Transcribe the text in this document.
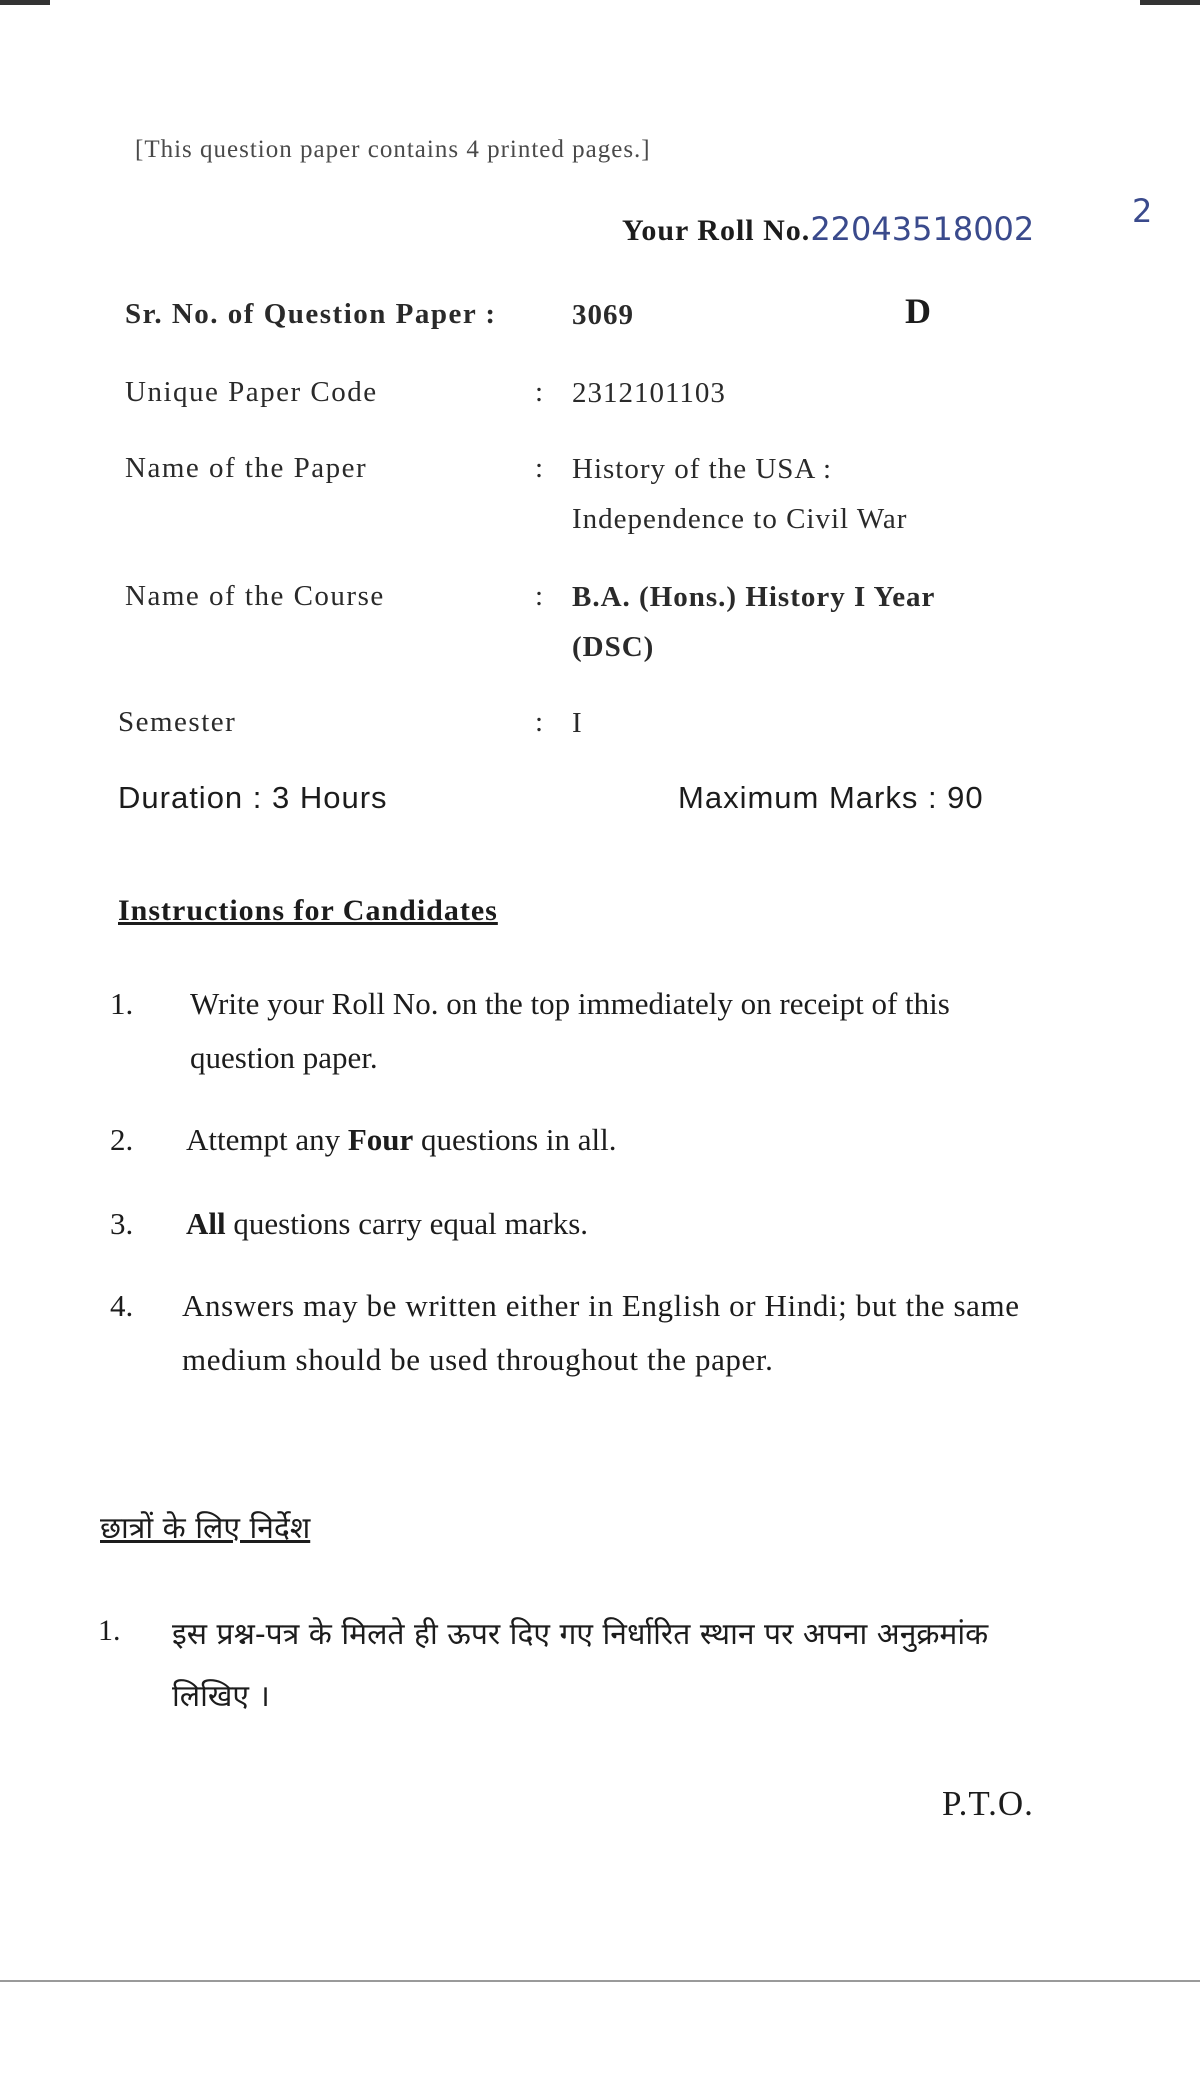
[This question paper contains 4 printed pages.]
Your Roll No.22043518002	2
Sr. No. of Question Paper :	3069	D
Unique Paper Code	: 2312101103
Name of the Paper	: History of the USA :
Independence to Civil War
Name of the Course	: B.A. (Hons.) History I Year
(DSC)
Semester	: I
Duration : 3 Hours	Maximum Marks : 90
Instructions for Candidates
1. Write your Roll No. on the top immediately on receipt of this question paper.
2. Attempt any Four questions in all.
3. All questions carry equal marks.
4. Answers may be written either in English or Hindi; but the same medium should be used throughout the paper.
छात्रों के लिए निर्देश
1. इस प्रश्न-पत्र के मिलते ही ऊपर दिए गए निर्धारित स्थान पर अपना अनुक्रमांक लिखिए ।
P.T.O.
